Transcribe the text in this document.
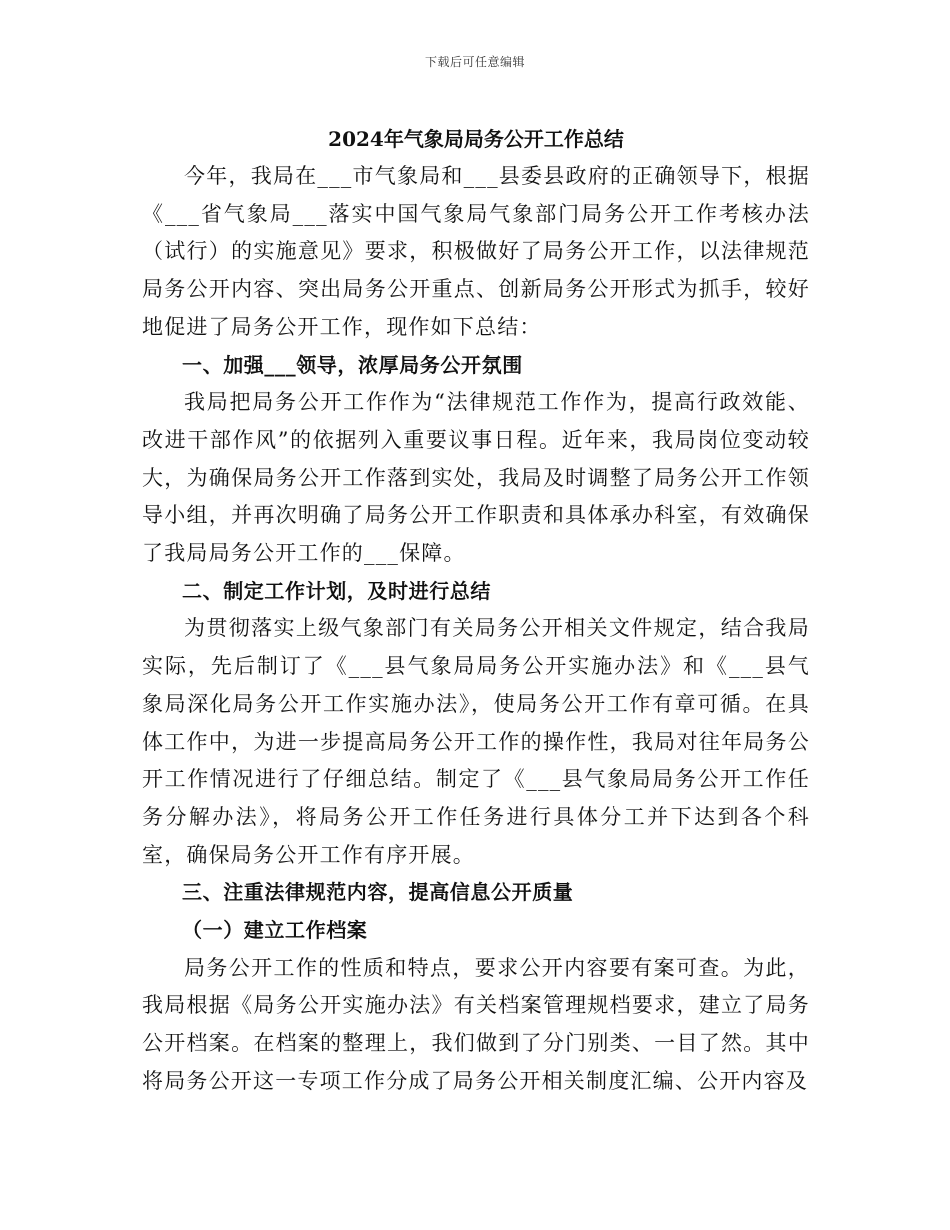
下载后可任意编辑
2024年气象局局务公开工作总结

今年，我局在___市气象局和___县委县政府的正确领导下，根据《___省气象局___落实中国气象局气象部门局务公开工作考核办法（试行）的实施意见》要求，积极做好了局务公开工作，以法律规范局务公开内容、突出局务公开重点、创新局务公开形式为抓手，较好地促进了局务公开工作，现作如下总结：

一、加强___领导，浓厚局务公开氛围

我局把局务公开工作作为“法律规范工作作为，提高行政效能、改进干部作风”的依据列入重要议事日程。近年来，我局岗位变动较大，为确保局务公开工作落到实处，我局及时调整了局务公开工作领导小组，并再次明确了局务公开工作职责和具体承办科室，有效确保了我局局务公开工作的___保障。

二、制定工作计划，及时进行总结

为贯彻落实上级气象部门有关局务公开相关文件规定，结合我局实际，先后制订了《___县气象局局务公开实施办法》和《___县气象局深化局务公开工作实施办法》，使局务公开工作有章可循。在具体工作中，为进一步提高局务公开工作的操作性，我局对往年局务公开工作情况进行了仔细总结。制定了《___县气象局局务公开工作任务分解办法》，将局务公开工作任务进行具体分工并下达到各个科室，确保局务公开工作有序开展。

三、注重法律规范内容，提高信息公开质量

（一）建立工作档案

局务公开工作的性质和特点，要求公开内容要有案可查。为此，我局根据《局务公开实施办法》有关档案管理规档要求，建立了局务公开档案。在档案的整理上，我们做到了分门别类、一目了然。其中将局务公开这一专项工作分成了局务公开相关制度汇编、公开内容及
